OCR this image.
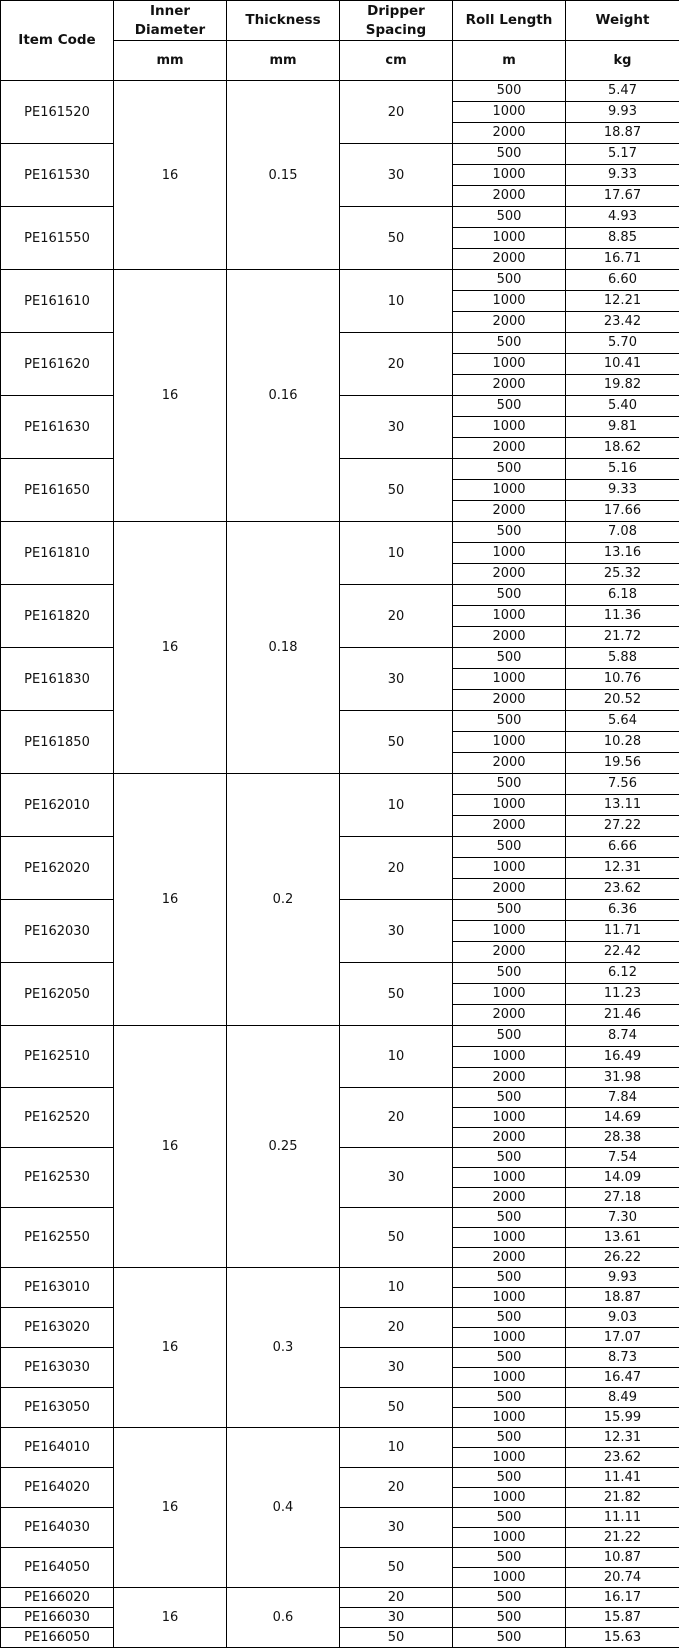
Item Code	Inner Diameter	Thickness	Dripper Spacing	Roll Length	Weight
	mm	mm	cm	m	kg
PE161520	16	0.15	20	500	5.47
				1000	9.93
				2000	18.87
PE161530			30	500	5.17
				1000	9.33
				2000	17.67
PE161550			50	500	4.93
				1000	8.85
				2000	16.71
PE161610	16	0.16	10	500	6.60
				1000	12.21
				2000	23.42
PE161620			20	500	5.70
				1000	10.41
				2000	19.82
PE161630			30	500	5.40
				1000	9.81
				2000	18.62
PE161650			50	500	5.16
				1000	9.33
				2000	17.66
PE161810	16	0.18	10	500	7.08
				1000	13.16
				2000	25.32
PE161820			20	500	6.18
				1000	11.36
				2000	21.72
PE161830			30	500	5.88
				1000	10.76
				2000	20.52
PE161850			50	500	5.64
				1000	10.28
				2000	19.56
PE162010	16	0.2	10	500	7.56
				1000	13.11
				2000	27.22
PE162020			20	500	6.66
				1000	12.31
				2000	23.62
PE162030			30	500	6.36
				1000	11.71
				2000	22.42
PE162050			50	500	6.12
				1000	11.23
				2000	21.46
PE162510	16	0.25	10	500	8.74
				1000	16.49
				2000	31.98
PE162520			20	500	7.84
				1000	14.69
				2000	28.38
PE162530			30	500	7.54
				1000	14.09
				2000	27.18
PE162550			50	500	7.30
				1000	13.61
				2000	26.22
PE163010	16	0.3	10	500	9.93
				1000	18.87
PE163020			20	500	9.03
				1000	17.07
PE163030			30	500	8.73
				1000	16.47
PE163050			50	500	8.49
				1000	15.99
PE164010	16	0.4	10	500	12.31
				1000	23.62
PE164020			20	500	11.41
				1000	21.82
PE164030			30	500	11.11
				1000	21.22
PE164050			50	500	10.87
				1000	20.74
PE166020	16	0.6	20	500	16.17
PE166030			30	500	15.87
PE166050			50	500	15.63
